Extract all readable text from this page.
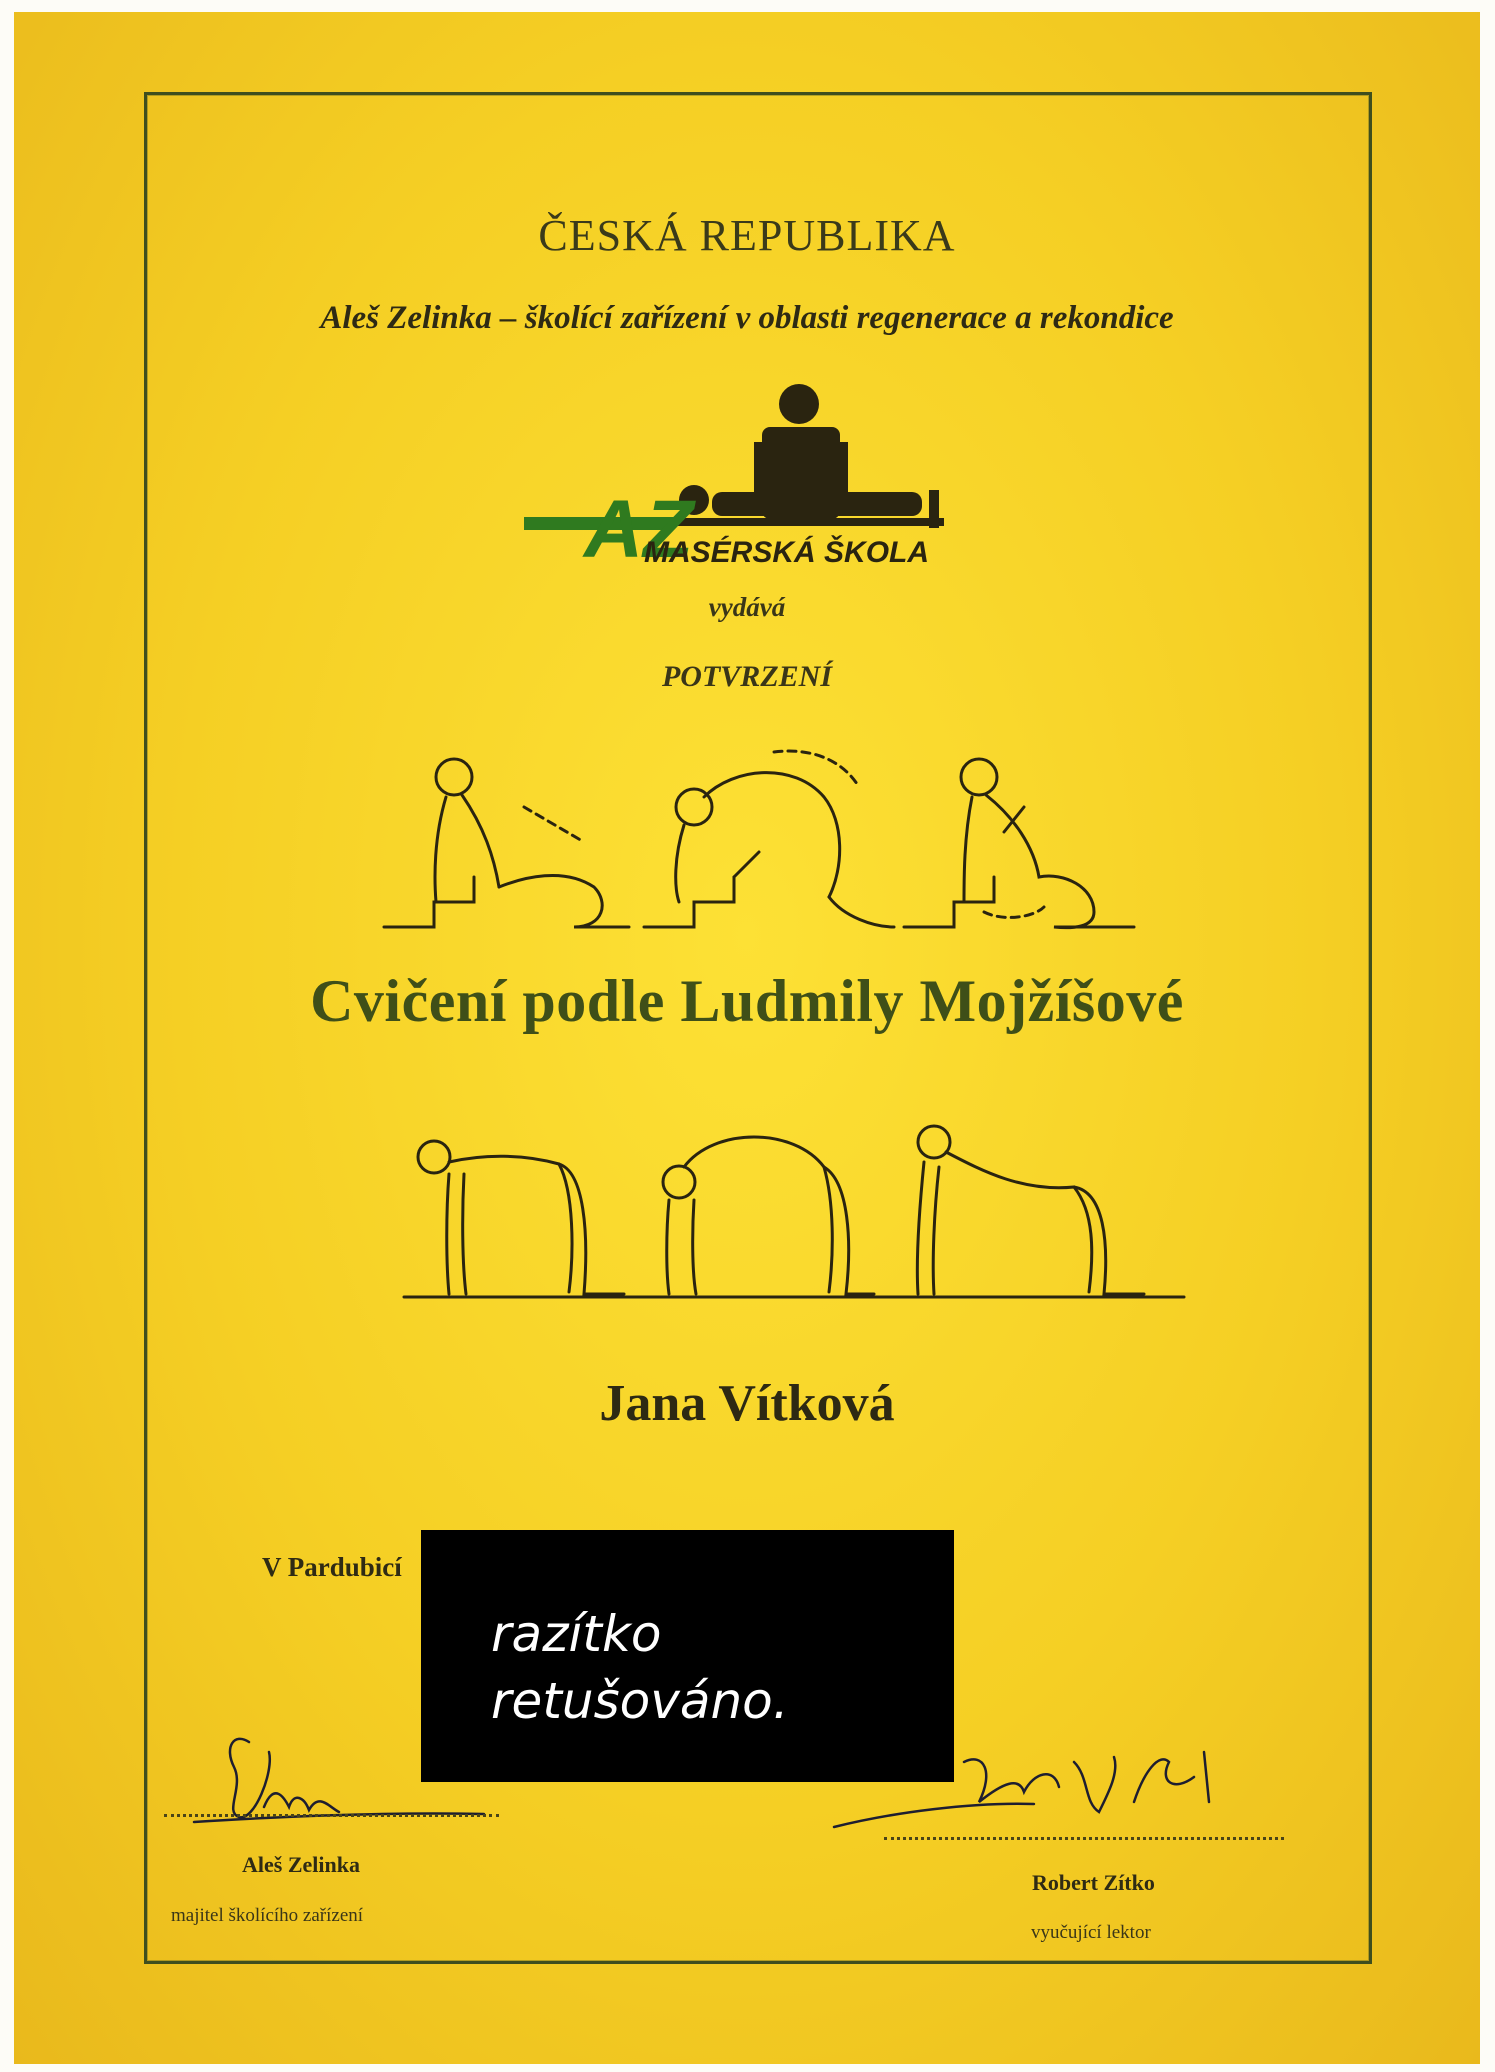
ČESKÁ REPUBLIKA
Aleš Zelinka – školící zařízení v oblasti regenerace a rekondice
AZ
MASÉRSKÁ ŠKOLA
vydává
POTVRZENÍ
Cvičení podle Ludmily Mojžíšové
Jana Vítková
V Pardubicí
razítko
retušováno.
Aleš Zelinka
majitel školícího zařízení
Robert Zítko
vyučující lektor
